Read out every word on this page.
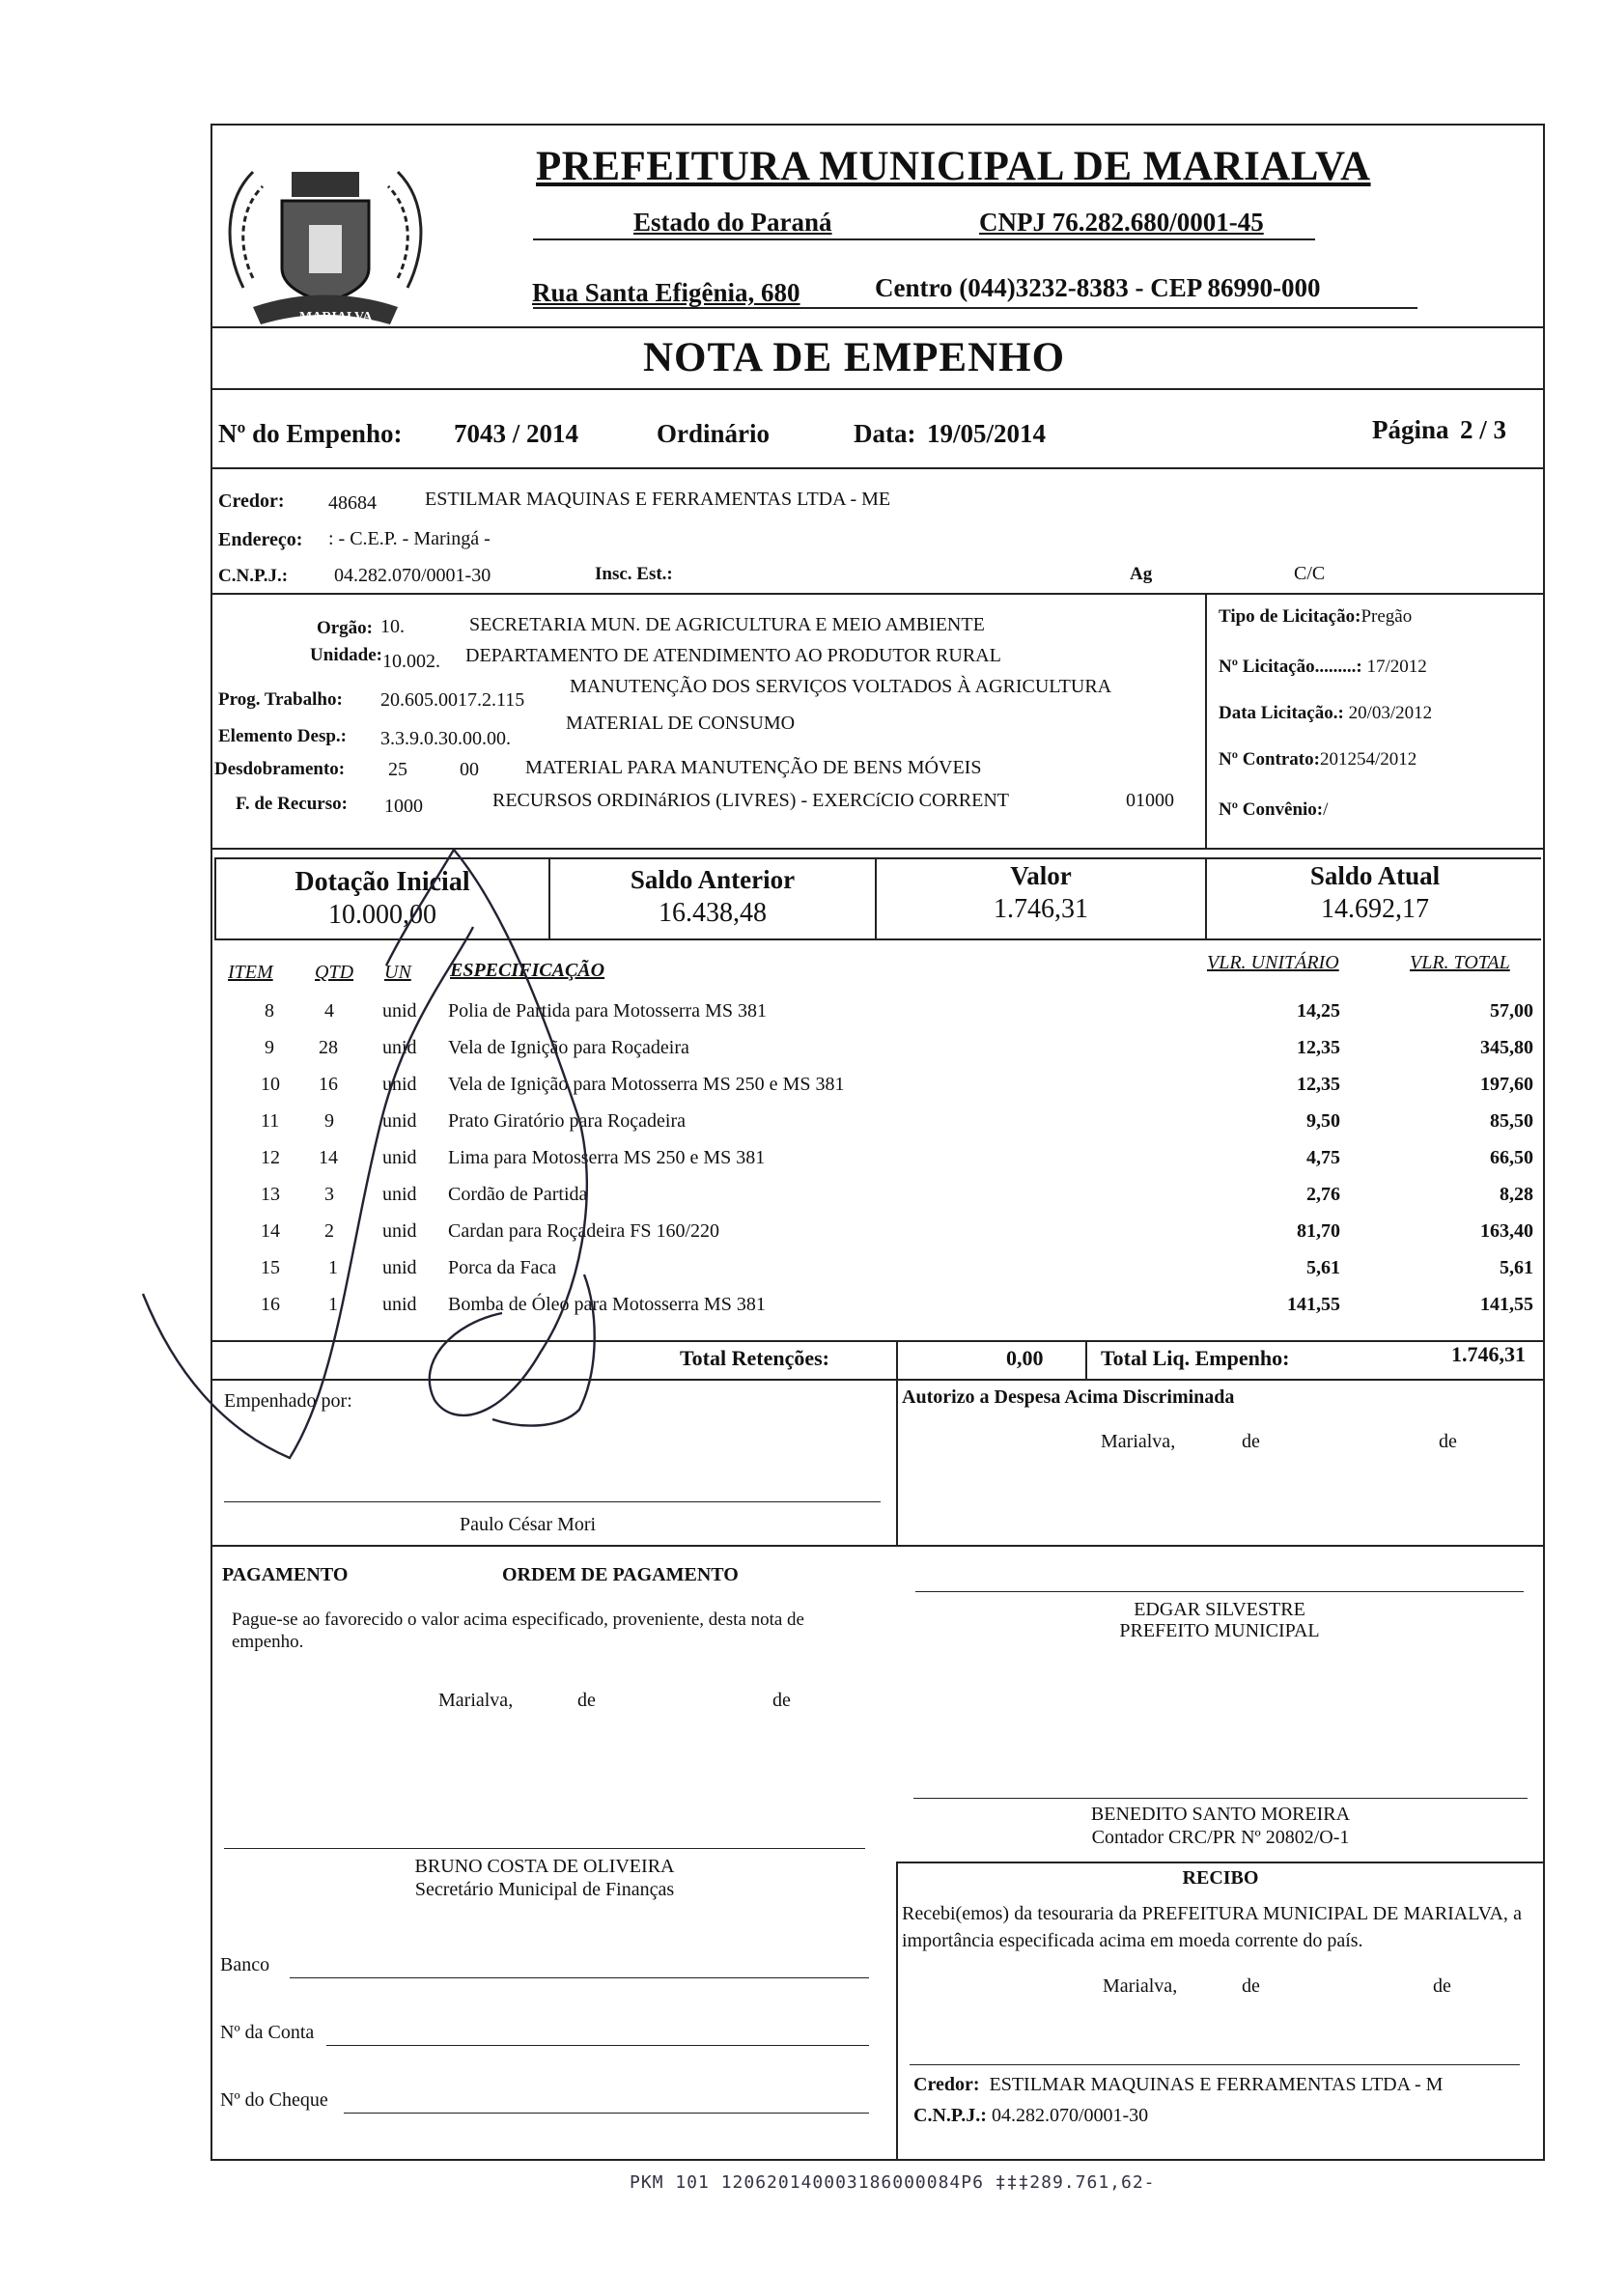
MARIALVA
PREFEITURA MUNICIPAL DE MARIALVA
Estado do Paraná	CNPJ 76.282.680/0001-45
Rua Santa Efigênia, 680	Centro (044)3232-8383 - CEP 86990-000
NOTA DE EMPENHO
Nº do Empenho: 7043 / 2014	Ordinário	Data: 19/05/2014	Página 2 / 3
Credor: 48684	ESTILMAR MAQUINAS E FERRAMENTAS LTDA - ME
Endereço: : - C.E.P. - Maringá -
C.N.P.J.: 04.282.070/0001-30	Insc. Est.:	Ag	C/C
Orgão: 10.	SECRETARIA MUN. DE AGRICULTURA E MEIO AMBIENTE
Unidade: 10.002. DEPARTAMENTO DE ATENDIMENTO AO PRODUTOR RURAL
Prog. Trabalho: 20.605.0017.2.115
MANUTENÇÃO DOS SERVIÇOS VOLTADOS À AGRICULTURA
Elemento Desp.: 3.3.9.0.30.00.00.
MATERIAL DE CONSUMO
Desdobramento: 25	00 MATERIAL PARA MANUTENÇÃO DE BENS MÓVEIS
F. de Recurso: 1000	RECURSOS ORDINáRIOS (LIVRES) - EXERCíCIO CORRENT	01000
Tipo de Licitação:Pregão
Nº Licitação.........: 17/2012
Data Licitação.: 20/03/2012
Nº Contrato:201254/2012
Nº Convênio:/
Dotação Inicial
10.000,00
Saldo Anterior
16.438,48
Valor
1.746,31
Saldo Atual
14.692,17
ITEM QTD UN ESPECIFICAÇÃO	VLR. UNITÁRIO	VLR. TOTAL
8	4	unid Polia de Partida para Motosserra MS 381	14,25	57,00
9 28 unid Vela de Ignição para Roçadeira	12,35	345,80
10 16 unid Vela de Ignição para Motosserra MS 250 e MS 381	12,35	197,60
11 9	unid Prato Giratório para Roçadeira	9,50	85,50
12 14 unid Lima para Motosserra MS 250 e MS 381	4,75	66,50
13 3	unid Cordão de Partida	2,76	8,28
14 2	unid Cardan para Roçadeira FS 160/220	81,70	163,40
15	1 unid Porca da Faca	5,61	5,61
16	1 unid Bomba de Óleo para Motosserra MS 381	141,55	141,55
Total Retenções:	0,00	Total Liq. Empenho:	1.746,31
Empenhado por:
Paulo César Mori
Autorizo a Despesa Acima Discriminada
Marialva,	de	de
PAGAMENTO	ORDEM DE PAGAMENTO
Pague-se ao favorecido o valor acima especificado, proveniente, desta nota de empenho.
Marialva,	de	de
EDGAR SILVESTRE
PREFEITO MUNICIPAL
BENEDITO SANTO MOREIRA
Contador CRC/PR Nº 20802/O-1
BRUNO COSTA DE OLIVEIRA
Secretário Municipal de Finanças
RECIBO
Recebi(emos) da tesouraria da PREFEITURA MUNICIPAL DE MARIALVA, a importância especificada acima em moeda corrente do país.
Marialva,	de	de
Credor: ESTILMAR MAQUINAS E FERRAMENTAS LTDA - M
C.N.P.J.: 04.282.070/0001-30
Banco
Nº da Conta
Nº do Cheque
PKM 101 120620140003186000084P6 ‡‡‡289.761,62-
